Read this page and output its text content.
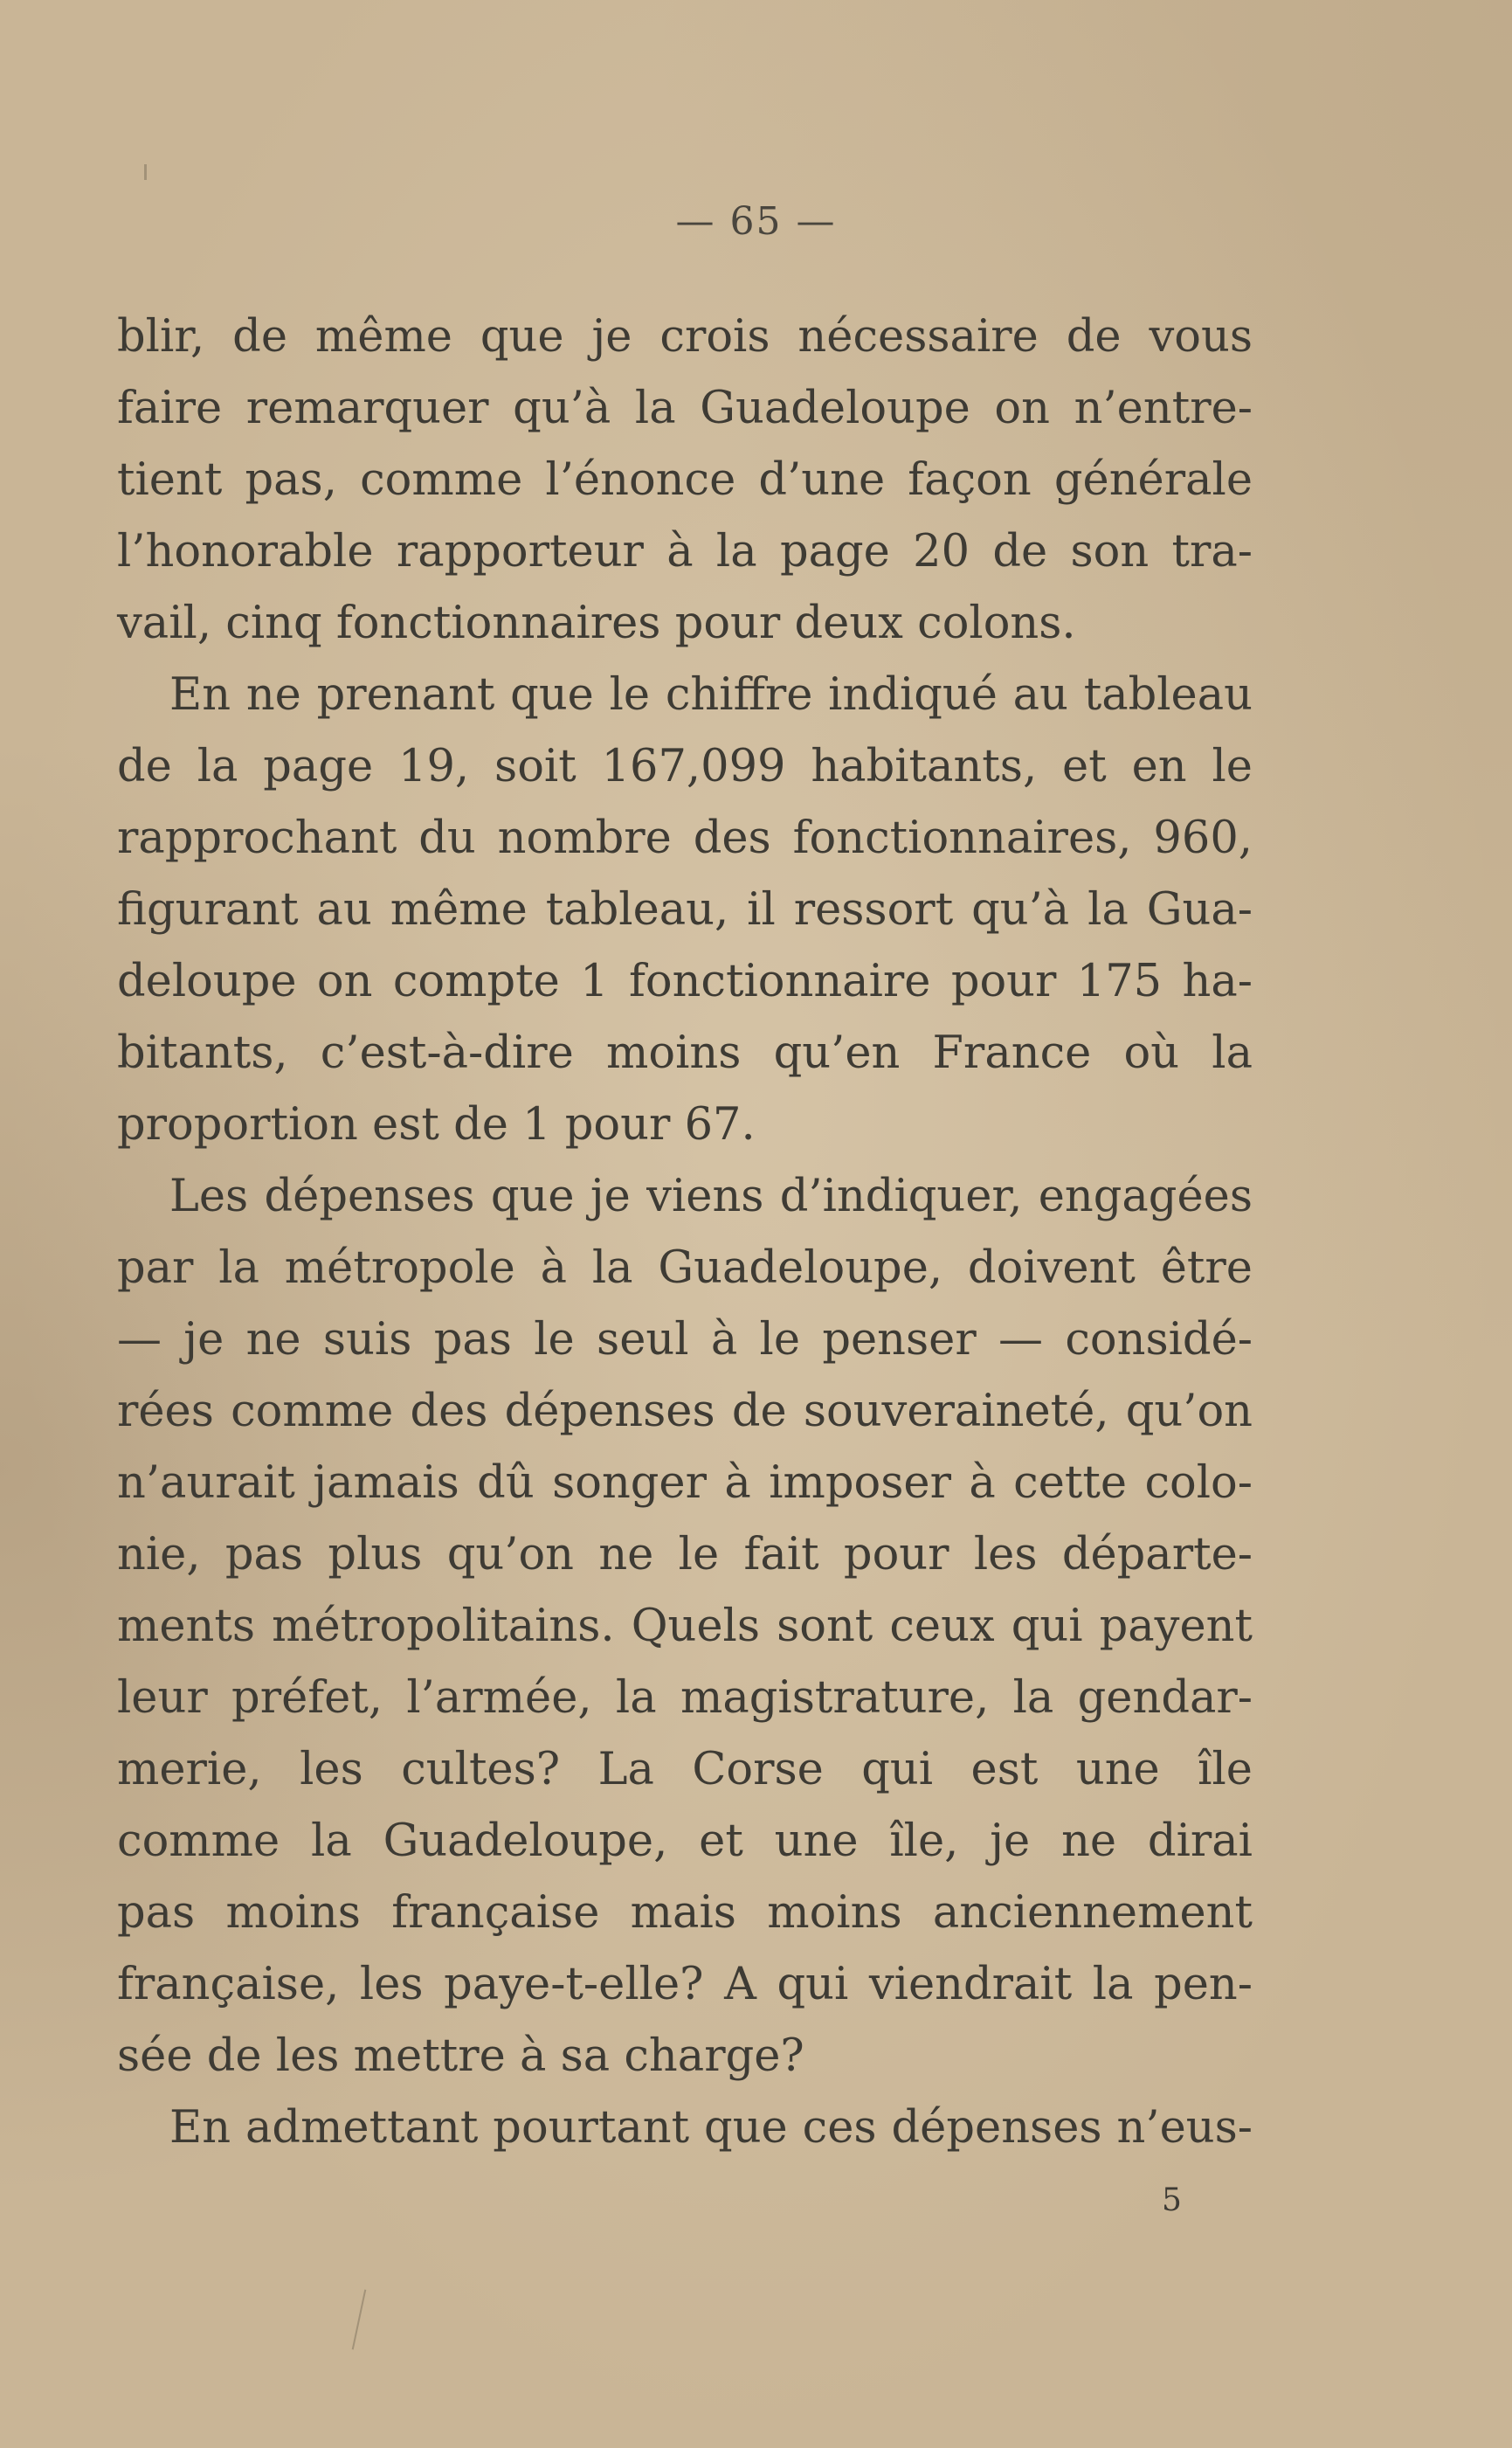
— 65 —
blir, de même que je crois nécessaire de vous
faire remarquer qu’à la Guadeloupe on n’entre-
tient pas, comme l’énonce d’une façon générale
l’honorable rapporteur à la page 20 de son tra-
vail, cinq fonctionnaires pour deux colons.
En ne prenant que le chiffre indiqué au tableau
de la page 19, soit 167,099 habitants, et en le
rapprochant du nombre des fonctionnaires, 960,
figurant au même tableau, il ressort qu’à la Gua-
deloupe on compte 1 fonctionnaire pour 175 ha-
bitants, c’est-à-dire moins qu’en France où la
proportion est de 1 pour 67.
Les dépenses que je viens d’indiquer, engagées
par la métropole à la Guadeloupe, doivent être
— je ne suis pas le seul à le penser — considé-
rées comme des dépenses de souveraineté, qu’on
n’aurait jamais dû songer à imposer à cette colo-
nie, pas plus qu’on ne le fait pour les départe-
ments métropolitains. Quels sont ceux qui payent
leur préfet, l’armée, la magistrature, la gendar-
merie, les cultes? La Corse qui est une île
comme la Guadeloupe, et une île, je ne dirai
pas moins française mais moins anciennement
française, les paye-t-elle? A qui viendrait la pen-
sée de les mettre à sa charge?
En admettant pourtant que ces dépenses n’eus-
5
